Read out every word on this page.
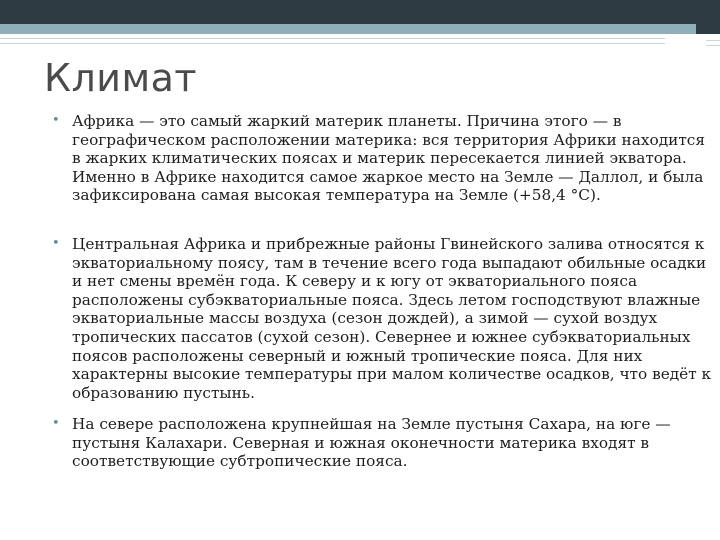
Климат

• Африка — это самый жаркий материк планеты. Причина этого — в географическом расположении материка: вся территория Африки находится в жарких климатических поясах и материк пересекается линией экватора. Именно в Африке находится самое жаркое место на Земле — Даллол, и была зафиксирована самая высокая температура на Земле (+58,4 °C).

• Центральная Африка и прибрежные районы Гвинейского залива относятся к экваториальному поясу, там в течение всего года выпадают обильные осадки и нет смены времён года. К северу и к югу от экваториального пояса расположены субэкваториальные пояса. Здесь летом господствуют влажные экваториальные массы воздуха (сезон дождей), а зимой — сухой воздух тропических пассатов (сухой сезон). Севернее и южнее субэкваториальных поясов расположены северный и южный тропические пояса. Для них характерны высокие температуры при малом количестве осадков, что ведёт к образованию пустынь.

• На севере расположена крупнейшая на Земле пустыня Сахара, на юге — пустыня Калахари. Северная и южная оконечности материка входят в соответствующие субтропические пояса.
